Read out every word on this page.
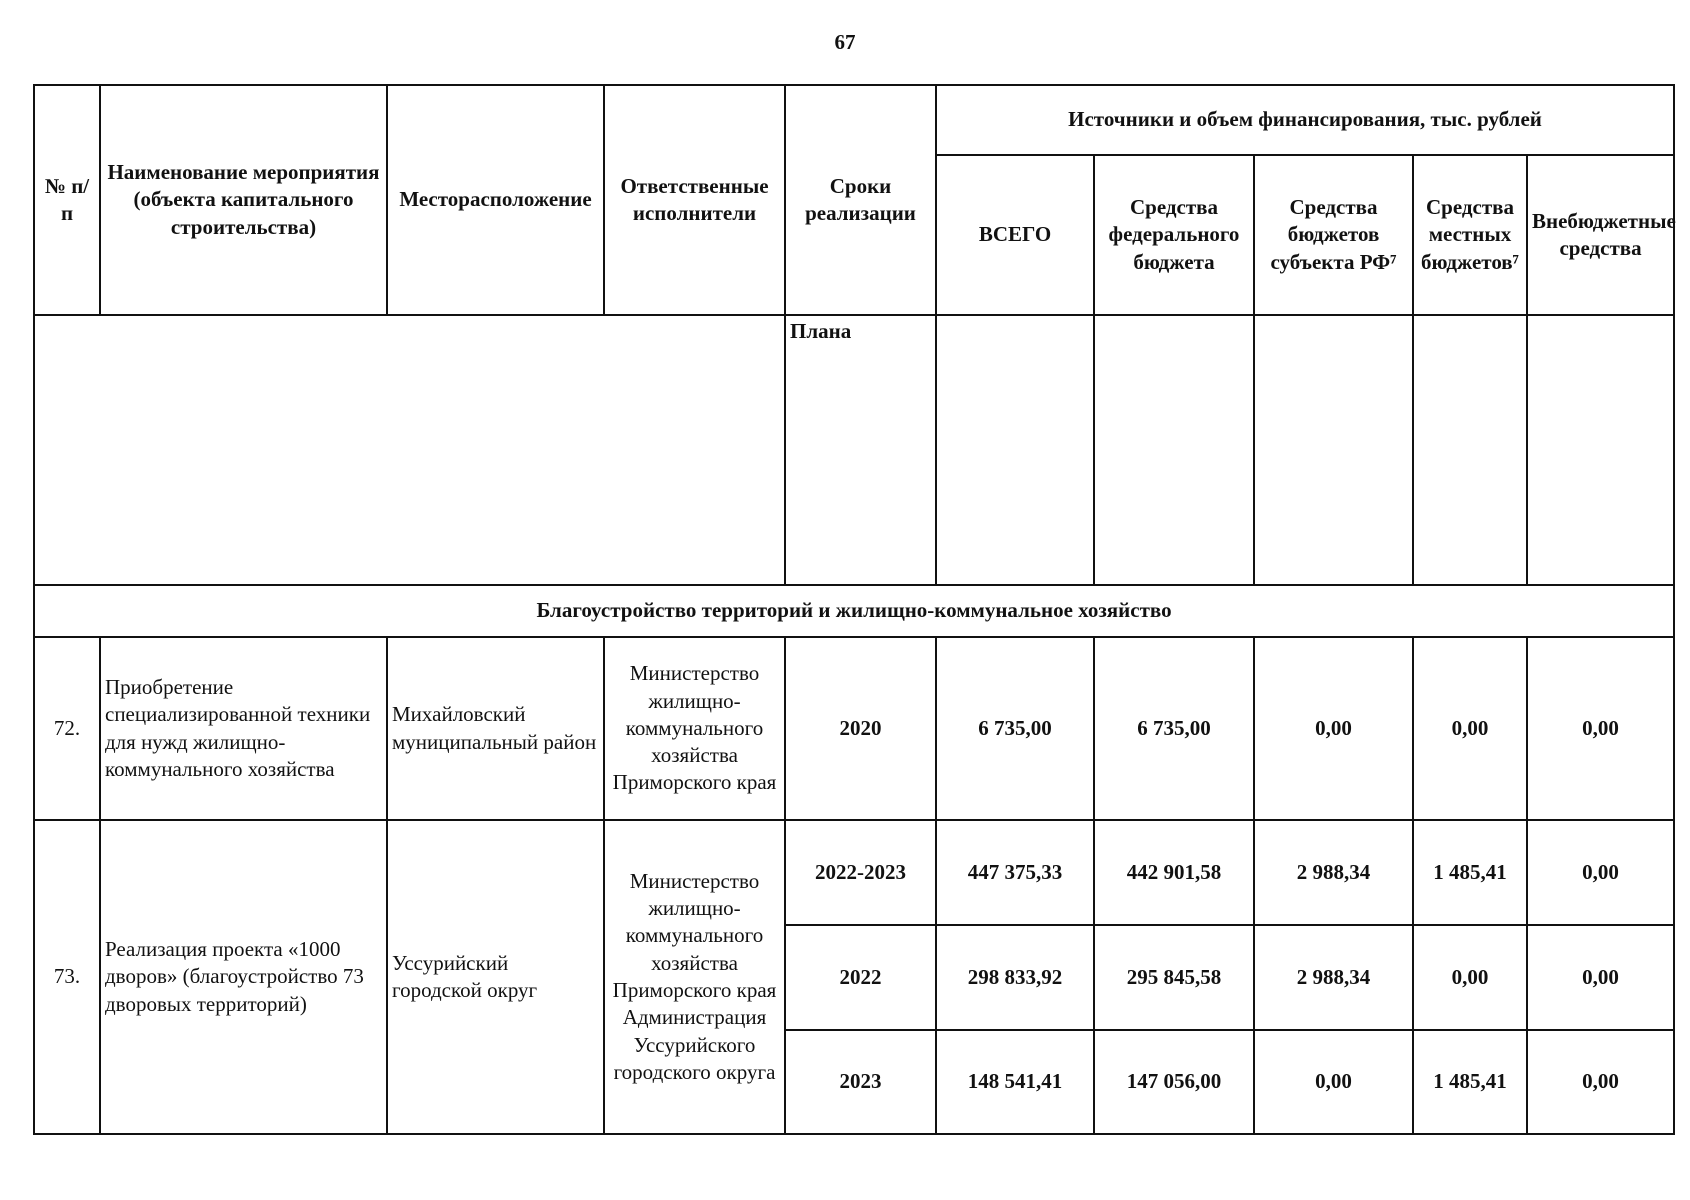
67
№ п/п	Наименование мероприятия (объекта капитального строительства)	Месторасположение	Ответственные исполнители	Сроки реализации	Источники и объем финансирования, тыс. рублей				
					ВСЕГО	Средства федерального бюджета	Средства бюджетов субъекта РФ⁷	Средства местных бюджетов⁷	Внебюджетные средства
				Плана					
Благоустройство территорий и жилищно-коммунальное хозяйство									
72.	Приобретение специализированной техники для нужд жилищно-коммунального хозяйства	Михайловский муниципальный район	Министерство жилищно-коммунального хозяйства Приморского края	2020	6 735,00	6 735,00	0,00	0,00	0,00
73.	Реализация проекта «1000 дворов» (благоустройство 73 дворовых территорий)	Уссурийский городской округ	Министерство жилищно-коммунального хозяйства Приморского края Администрация Уссурийского городского округа	2022-2023	447 375,33	442 901,58	2 988,34	1 485,41	0,00
				2022	298 833,92	295 845,58	2 988,34	0,00	0,00
				2023	148 541,41	147 056,00	0,00	1 485,41	0,00
